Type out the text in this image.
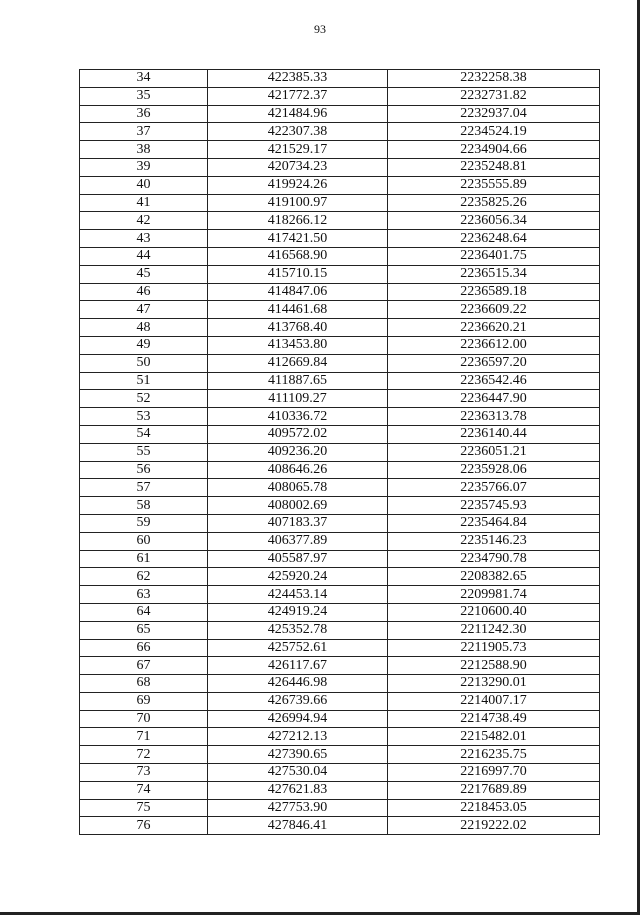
93
34	422385.33	2232258.38
35	421772.37	2232731.82
36	421484.96	2232937.04
37	422307.38	2234524.19
38	421529.17	2234904.66
39	420734.23	2235248.81
40	419924.26	2235555.89
41	419100.97	2235825.26
42	418266.12	2236056.34
43	417421.50	2236248.64
44	416568.90	2236401.75
45	415710.15	2236515.34
46	414847.06	2236589.18
47	414461.68	2236609.22
48	413768.40	2236620.21
49	413453.80	2236612.00
50	412669.84	2236597.20
51	411887.65	2236542.46
52	411109.27	2236447.90
53	410336.72	2236313.78
54	409572.02	2236140.44
55	409236.20	2236051.21
56	408646.26	2235928.06
57	408065.78	2235766.07
58	408002.69	2235745.93
59	407183.37	2235464.84
60	406377.89	2235146.23
61	405587.97	2234790.78
62	425920.24	2208382.65
63	424453.14	2209981.74
64	424919.24	2210600.40
65	425352.78	2211242.30
66	425752.61	2211905.73
67	426117.67	2212588.90
68	426446.98	2213290.01
69	426739.66	2214007.17
70	426994.94	2214738.49
71	427212.13	2215482.01
72	427390.65	2216235.75
73	427530.04	2216997.70
74	427621.83	2217689.89
75	427753.90	2218453.05
76	427846.41	2219222.02
